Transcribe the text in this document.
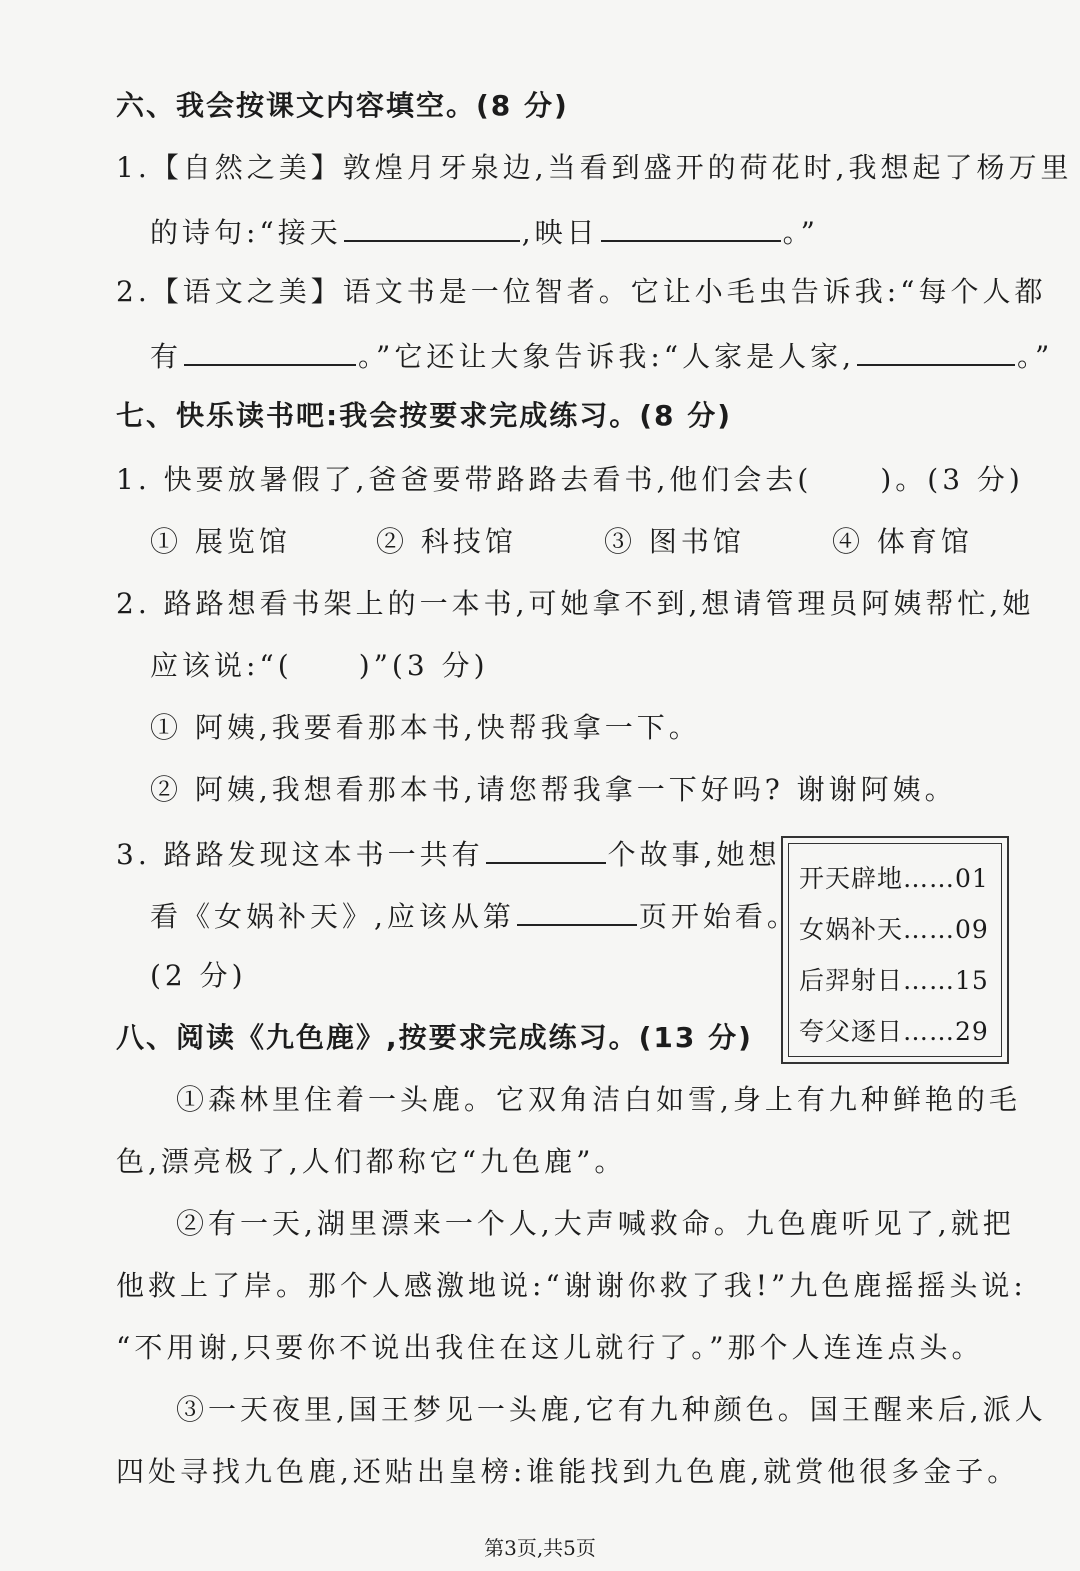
六、我会按课文内容填空。(8 分)
1.【自然之美】敦煌月牙泉边,当看到盛开的荷花时,我想起了杨万里
的诗句:“接天	,映日	。”
2.【语文之美】语文书是一位智者。它让小毛虫告诉我:“每个人都
有	。”它还让大象告诉我:“人家是人家,	。”
七、快乐读书吧:我会按要求完成练习。(8 分)
1. 快要放暑假了,爸爸要带路路去看书,他们会去( )。(3 分)
① 展览馆	② 科技馆	③ 图书馆	④ 体育馆
2. 路路想看书架上的一本书,可她拿不到,想请管理员阿姨帮忙,她
应该说:“( )”(3 分)
① 阿姨,我要看那本书,快帮我拿一下。
② 阿姨,我想看那本书,请您帮我拿一下好吗? 谢谢阿姨。
3. 路路发现这本书一共有	个故事,她想
看《女娲补天》,应该从第	页开始看。
(2 分)
开天辟地……01
女娲补天……09
后羿射日……15
夸父逐日……29
八、阅读《九色鹿》,按要求完成练习。(13 分)
①森林里住着一头鹿。它双角洁白如雪,身上有九种鲜艳的毛
色,漂亮极了,人们都称它“九色鹿”。
②有一天,湖里漂来一个人,大声喊救命。九色鹿听见了,就把
他救上了岸。那个人感激地说:“谢谢你救了我!”九色鹿摇摇头说:
“不用谢,只要你不说出我住在这儿就行了。”那个人连连点头。
③一天夜里,国王梦见一头鹿,它有九种颜色。国王醒来后,派人
四处寻找九色鹿,还贴出皇榜:谁能找到九色鹿,就赏他很多金子。
第3页,共5页
